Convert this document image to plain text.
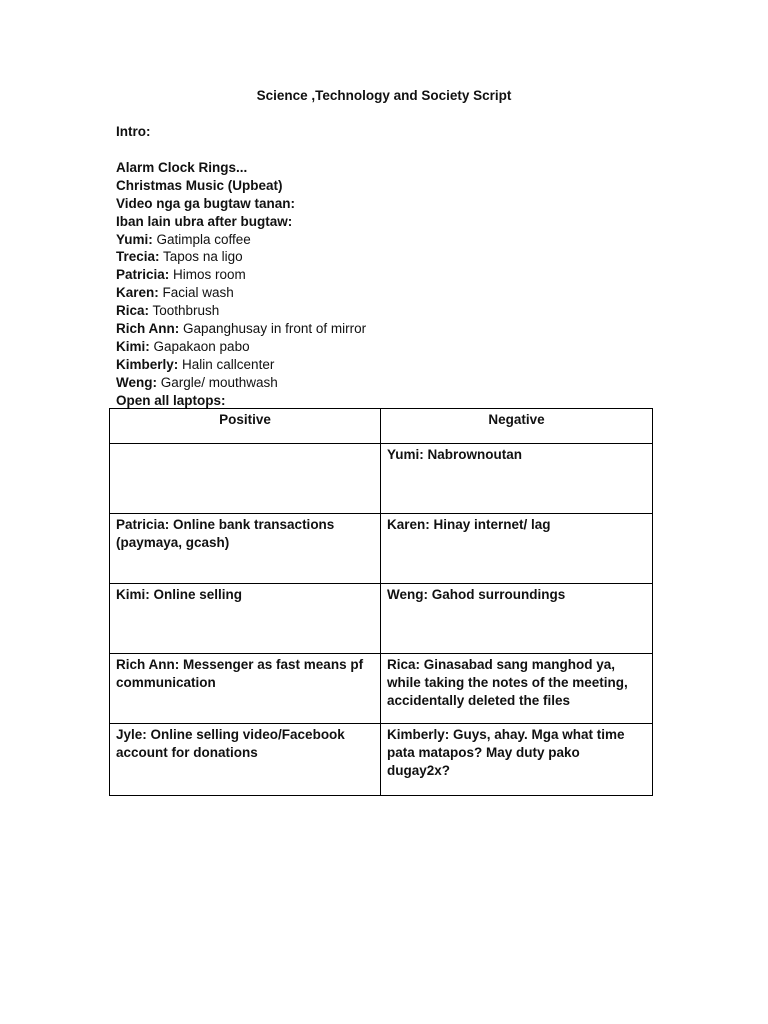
Science ,Technology and Society Script
Intro:
Alarm Clock Rings...
Christmas Music (Upbeat)
Video nga ga bugtaw tanan:
Iban lain ubra after bugtaw:
Yumi: Gatimpla coffee
Trecia: Tapos na ligo
Patricia: Himos room
Karen: Facial wash
Rica: Toothbrush
Rich Ann: Gapanghusay in front of mirror
Kimi: Gapakaon pabo
Kimberly: Halin callcenter
Weng: Gargle/ mouthwash
Open all laptops:
Positive	Negative
	Yumi: Nabrownoutan
Patricia: Online bank transactions (paymaya, gcash)	Karen: Hinay internet/ lag
Kimi: Online selling	Weng: Gahod surroundings
Rich Ann: Messenger as fast means pf communication	Rica: Ginasabad sang manghod ya, while taking the notes of the meeting, accidentally deleted the files
Jyle: Online selling video/Facebook account for donations	Kimberly: Guys, ahay. Mga what time pata matapos? May duty pako dugay2x?
